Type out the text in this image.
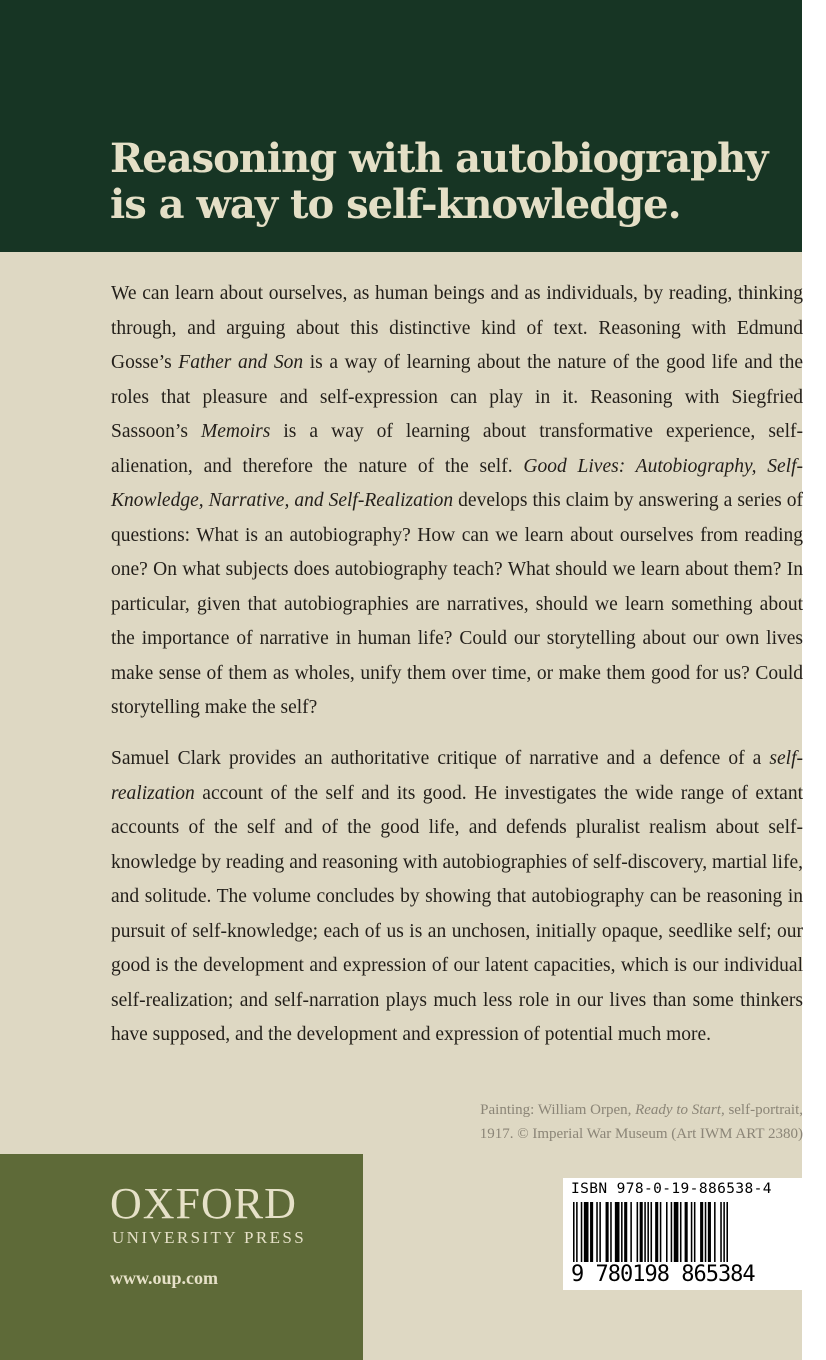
Reasoning with autobiography
is a way to self-knowledge.

We can learn about ourselves, as human beings and as individuals, by reading, thinking through, and arguing about this distinctive kind of text. Reasoning with Edmund Gosse’s Father and Son is a way of learning about the nature of the good life and the roles that pleasure and self-expression can play in it. Reasoning with Siegfried Sassoon’s Memoirs is a way of learning about transformative experience, self-alienation, and therefore the nature of the self. Good Lives: Autobiography, Self-Knowledge, Narrative, and Self-Realization develops this claim by answering a series of questions: What is an autobiography? How can we learn about ourselves from reading one? On what subjects does autobiography teach? What should we learn about them? In particular, given that autobiographies are narratives, should we learn something about the importance of narrative in human life? Could our storytelling about our own lives make sense of them as wholes, unify them over time, or make them good for us? Could storytelling make the self?

Samuel Clark provides an authoritative critique of narrative and a defence of a self-realization account of the self and its good. He investigates the wide range of extant accounts of the self and of the good life, and defends pluralist realism about self-knowledge by reading and reasoning with autobiographies of self-discovery, martial life, and solitude. The volume concludes by showing that autobiography can be reasoning in pursuit of self-knowledge; each of us is an unchosen, initially opaque, seedlike self; our good is the development and expression of our latent capacities, which is our individual self-realization; and self-narration plays much less role in our lives than some thinkers have supposed, and the development and expression of potential much more.

Painting: William Orpen, Ready to Start, self-portrait,
1917. © Imperial War Museum (Art IWM ART 2380)

OXFORD
UNIVERSITY PRESS
www.oup.com
ISBN 978-0-19-886538-4
9 780198 865384
